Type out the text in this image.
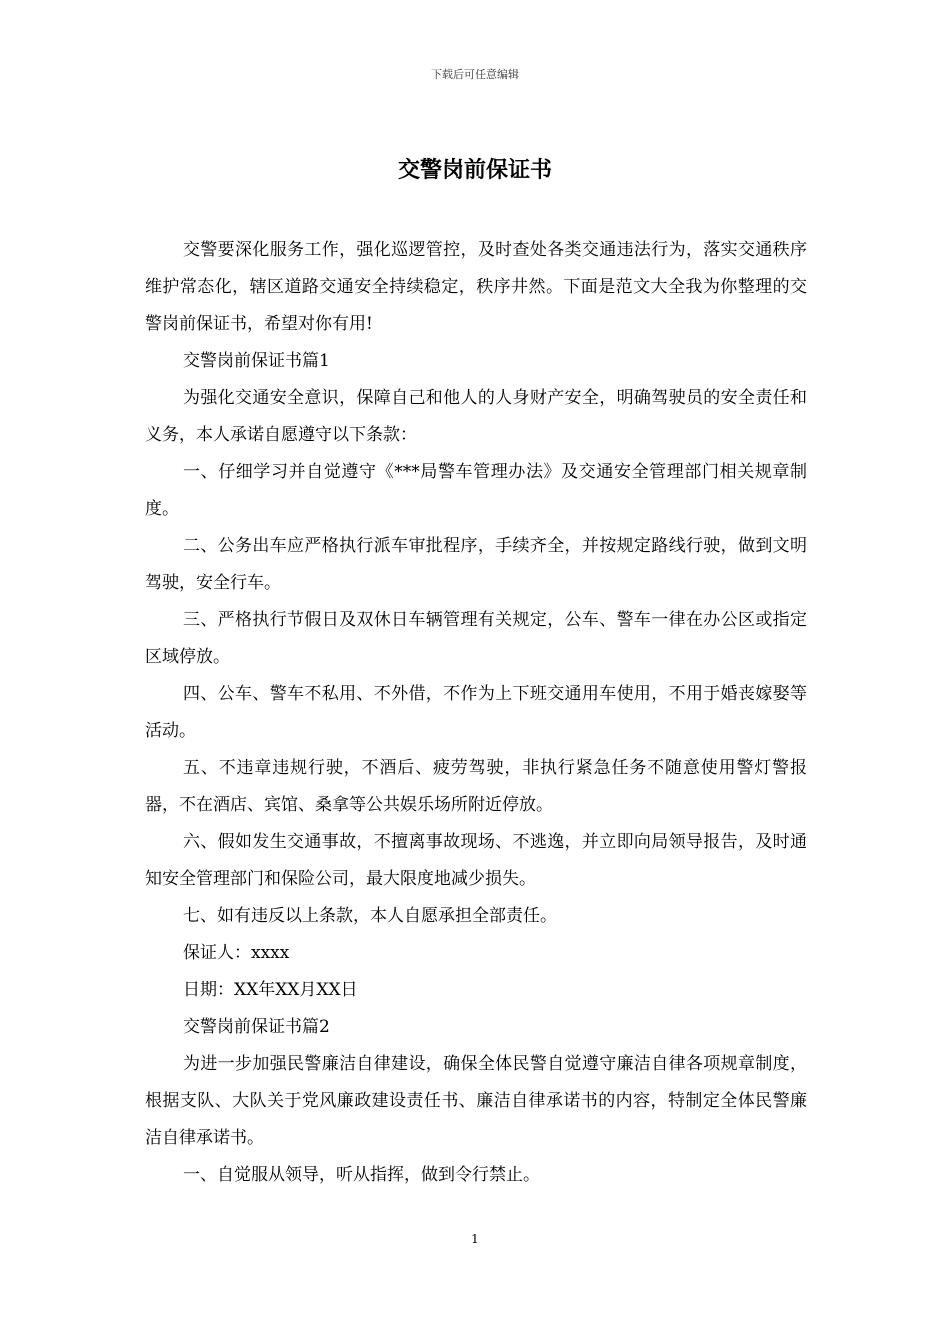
下载后可任意编辑
交警岗前保证书

交警要深化服务工作，强化巡逻管控，及时查处各类交通违法行为，落实交通秩序维护常态化，辖区道路交通安全持续稳定，秩序井然。下面是范文大全我为你整理的交警岗前保证书，希望对你有用!

交警岗前保证书篇1

为强化交通安全意识，保障自己和他人的人身财产安全，明确驾驶员的安全责任和义务，本人承诺自愿遵守以下条款：

一、仔细学习并自觉遵守《***局警车管理办法》及交通安全管理部门相关规章制度。

二、公务出车应严格执行派车审批程序，手续齐全，并按规定路线行驶，做到文明驾驶，安全行车。

三、严格执行节假日及双休日车辆管理有关规定，公车、警车一律在办公区或指定区域停放。

四、公车、警车不私用、不外借，不作为上下班交通用车使用，不用于婚丧嫁娶等活动。

五、不违章违规行驶，不酒后、疲劳驾驶，非执行紧急任务不随意使用警灯警报器，不在酒店、宾馆、桑拿等公共娱乐场所附近停放。

六、假如发生交通事故，不擅离事故现场、不逃逸，并立即向局领导报告，及时通知安全管理部门和保险公司，最大限度地减少损失。

七、如有违反以上条款，本人自愿承担全部责任。

保证人：xxxx

日期：XX年XX月XX日

交警岗前保证书篇2

为进一步加强民警廉洁自律建设，确保全体民警自觉遵守廉洁自律各项规章制度，根据支队、大队关于党风廉政建设责任书、廉洁自律承诺书的内容，特制定全体民警廉洁自律承诺书。

一、自觉服从领导，听从指挥，做到令行禁止。

1
